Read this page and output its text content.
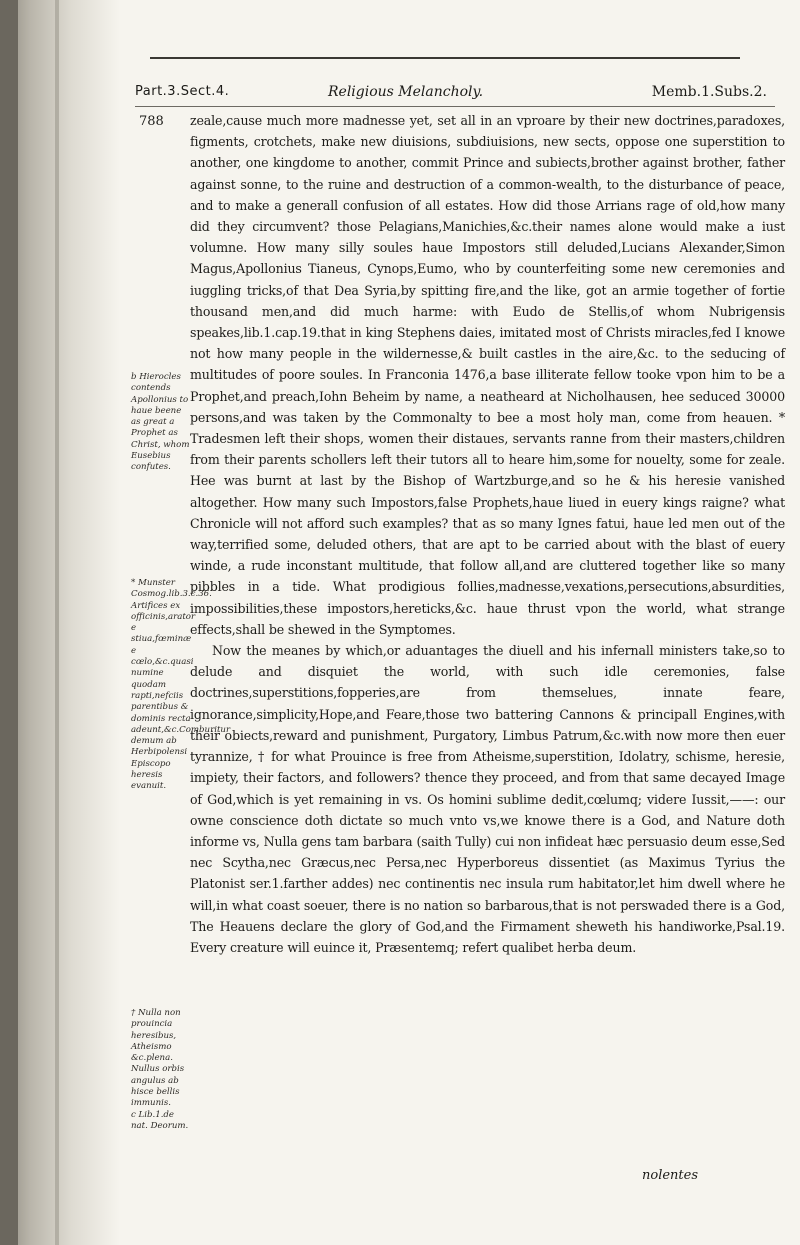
Part.3.Sect.4.	Religious Melancholy.	Memb.1.Subs.2.
788 zeale,cause much more madnesse yet, set all in an vproare by their new doctrines,paradoxes, figments, crotchets, make new diuisions, subdiuisions, new sects, oppose one superstition to another, one kingdome to another, commit Prince and subiects,brother against brother, father against sonne, to the ruine and destruction of a common-wealth, to the disturbance of peace, and to make a generall confusion of all estates. How did those Arrians rage of old,how many did they circumvent? those Pelagians,Manichies,&c.their names alone would make a iust volumne. How many silly soules haue Impostors still deluded,Lucians Alexander,Simon Magus,Apollonius Tianeus, Cynops,Eumo, who by counterfeiting some new ceremonies and iuggling tricks,of that Dea Syria,by spitting fire,and the like, got an armie together of fortie thousand men,and did much harme: with Eudo de Stellis,of whom Nubrigensis speakes,lib.1.cap.19.that in king Stephens daies, imitated most of Christs miracles,fed I knowe not how many people in the wildernesse,& built castles in the aire,&c. to the seducing of multitudes of poore soules. In Franconia 1476,a base illiterate fellow tooke vpon him to be a Prophet,and preach,Iohn Beheim by name, a neatheard at Nicholhausen, hee seduced 30000 persons,and was taken by the Commonalty to bee a most holy man, come from heauen. * Tradesmen left their shops, women their distaues, servants ranne from their masters,children from their parents schollers left their tutors all to heare him,some for nouelty, some for zeale. Hee was burnt at last by the Bishop of Wartzburge,and so he & his heresie vanished altogether. How many such Impostors,false Prophets,haue liued in euery kings raigne? what Chronicle will not afford such examples? that as so many Ignes fatui, haue led men out of the way,terrified some, deluded others, that are apt to be carried about with the blast of euery winde, a rude inconstant multitude, that follow all,and are cluttered together like so many pibbles in a tide. What prodigious follies,madnesse,vexations,persecutions,absurdities, impossibilities,these impostors,hereticks,&c. haue thrust vpon the world, what strange effects,shall be shewed in the Symptomes.

Now the meanes by which,or aduantages the diuell and his infernall ministers take,so to delude and disquiet the world, with such idle ceremonies, false doctrines,superstitions,fopperies,are from themselues, innate feare, ignorance,simplicity,Hope,and Feare,those two battering Cannons & principall Engines,with their obiects,reward and punishment, Purgatory, Limbus Patrum,&c.with now more then euer tyrannize, † for what Prouince is free from Atheisme,superstition, Idolatry, schisme, heresie, impiety, their factors, and followers? thence they proceed, and from that same decayed Image of God,which is yet remaining in vs. Os homini sublime dedit,cœlumq; videre Iussit,——: our owne conscience doth dictate so much vnto vs,we knowe there is a God, and Nature doth informe vs, Nulla gens tam barbara (saith Tully) cui non infideat hæc persuasio deum esse,Sed nec Scytha,nec Græcus,nec Persa,nec Hyperboreus dissentiet (as Maximus Tyrius the Platonist ser.1.farther addes) nec continentis nec insula rum habitator,let him dwell where he will,in what coast soeuer, there is no nation so barbarous,that is not perswaded there is a God, The Heauens declare the glory of God,and the Firmament sheweth his handiworke,Psal.19. Every creature will euince it, Præsentemq; refert qualibet herba deum.

b Hierocles contends Apollonius to haue beene as great a Prophet as Christ, whom Eusebius confutes.
* Munster Cosmog.lib.3.c.36. Artifices ex officinis,arator e stiua,fœminæ e cœlo,&c.quasi numine quodam rapti,nefciis parentibus & dominis recta adeunt,&c.Comburitur demum ab Herbipolensi Episcopo heresis evanuit.
† Nulla non prouincia heresibus, Atheismo &c.plena. Nullus orbis angulus ab hisce bellis immunis.
c Lib.1.de nat. Deorum.
nolentes
